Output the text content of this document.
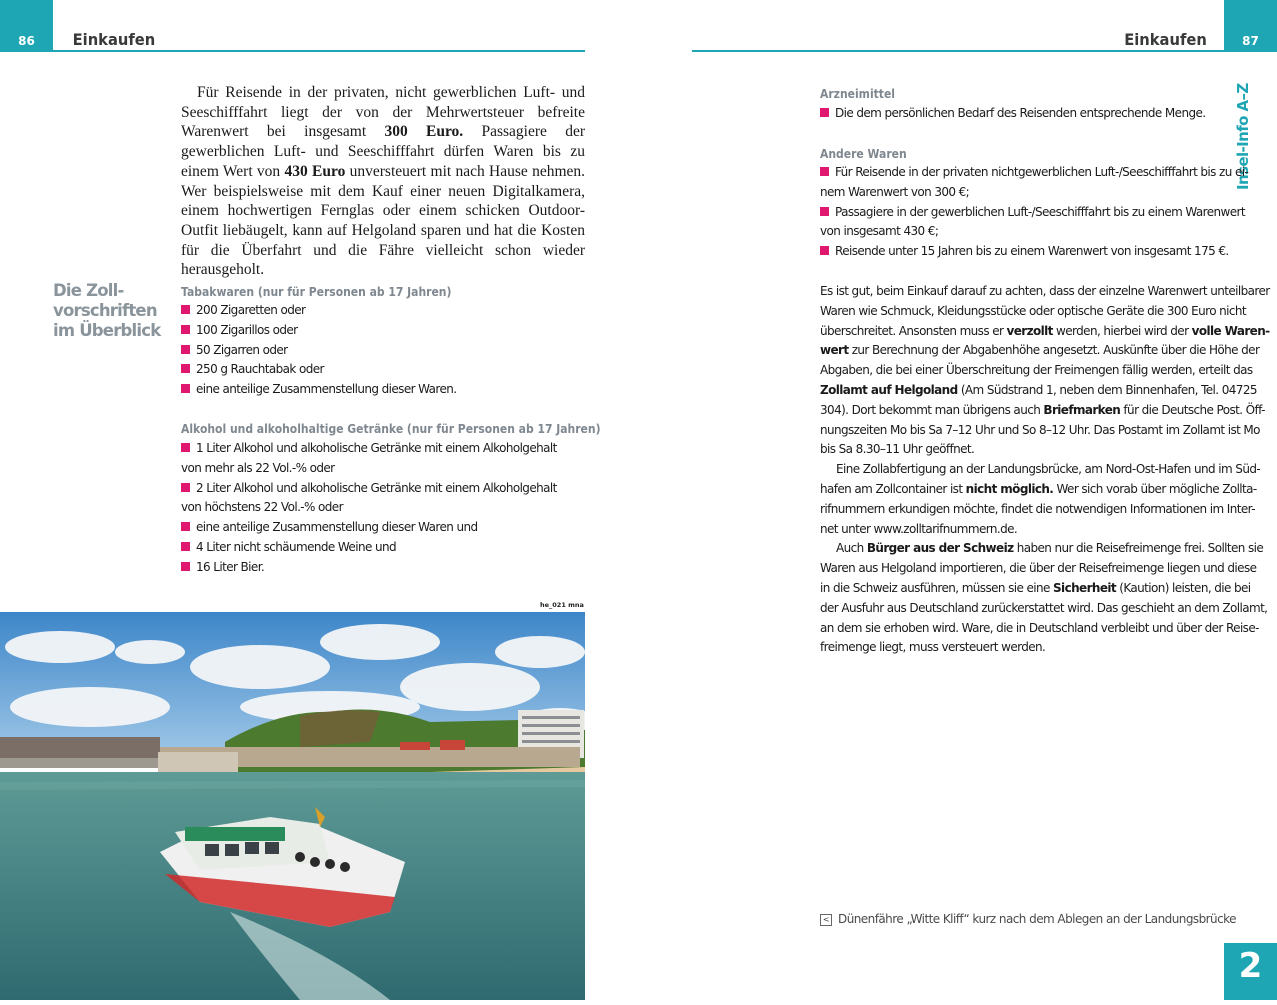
86	Einkaufen

Für Reisende in der privaten, nicht gewerblichen Luft- und Seeschifffahrt liegt der von der Mehrwertsteuer befreite Warenwert bei insgesamt 300 Euro. Passagiere der gewerblichen Luft- und Seeschifffahrt dürfen Waren bis zu einem Wert von 430 Euro unversteuert mit nach Hause nehmen. Wer beispielsweise mit dem Kauf einer neuen Digitalkamera, einem hochwertigen Fernglas oder einem schicken Outdoor-Outfit liebäugelt, kann auf Helgoland sparen und hat die Kosten für die Überfahrt und die Fähre vielleicht schon wieder herausgeholt.

Die Zoll-
vorschriften
im Überblick
Tabakwaren (nur für Personen ab 17 Jahren)

200 Zigaretten oder

100 Zigarillos oder

50 Zigarren oder

250 g Rauchtabak oder

eine anteilige Zusammenstellung dieser Waren.

Alkohol und alkoholhaltige Getränke (nur für Personen ab 17 Jahren)

1 Liter Alkohol und alkoholische Getränke mit einem Alkoholgehalt

von mehr als 22 Vol.-% oder

2 Liter Alkohol und alkoholische Getränke mit einem Alkoholgehalt

von höchstens 22 Vol.-% oder

eine anteilige Zusammenstellung dieser Waren und

4 Liter nicht schäumende Weine und

16 Liter Bier.

he_021 mna
87
Einkaufen
Insel-Info A–Z
Arzneimittel

Die dem persönlichen Bedarf des Reisenden entsprechende Menge.

Andere Waren

Für Reisende in der privaten nichtgewerblichen Luft-/Seeschifffahrt bis zu ei-

nem Warenwert von 300 €;

Passagiere in der gewerblichen Luft-/Seeschifffahrt bis zu einem Warenwert

von insgesamt 430 €;

Reisende unter 15 Jahren bis zu einem Warenwert von insgesamt 175 €.

Es ist gut, beim Einkauf darauf zu achten, dass der einzelne Warenwert unteilbarer

Waren wie Schmuck, Kleidungsstücke oder optische Geräte die 300 Euro nicht

überschreitet. Ansonsten muss er verzollt werden, hierbei wird der volle Waren-

wert zur Berechnung der Abgabenhöhe angesetzt. Auskünfte über die Höhe der

Abgaben, die bei einer Überschreitung der Freimengen fällig werden, erteilt das

Zollamt auf Helgoland (Am Südstrand 1, neben dem Binnenhafen, Tel. 04725

304). Dort bekommt man übrigens auch Briefmarken für die Deutsche Post. Öff-

nungszeiten Mo bis Sa 7–12 Uhr und So 8–12 Uhr. Das Postamt im Zollamt ist Mo

bis Sa 8.30–11 Uhr geöffnet.

Eine Zollabfertigung an der Landungsbrücke, am Nord-Ost-Hafen und im Süd-

hafen am Zollcontainer ist nicht möglich. Wer sich vorab über mögliche Zollta-

rifnummern erkundigen möchte, findet die notwendigen Informationen im Inter-

net unter www.zolltarifnummern.de.

Auch Bürger aus der Schweiz haben nur die Reisefreimenge frei. Sollten sie

Waren aus Helgoland importieren, die über der Reisefreimenge liegen und diese

in die Schweiz ausführen, müssen sie eine Sicherheit (Kaution) leisten, die bei

der Ausfuhr aus Deutschland zurückerstattet wird. Das geschieht an dem Zollamt,

an dem sie erhoben wird. Ware, die in Deutschland verbleibt und über der Reise-

freimenge liegt, muss versteuert werden.

< Dünenfähre „Witte Kliff“ kurz nach dem Ablegen an der Landungsbrücke
2
